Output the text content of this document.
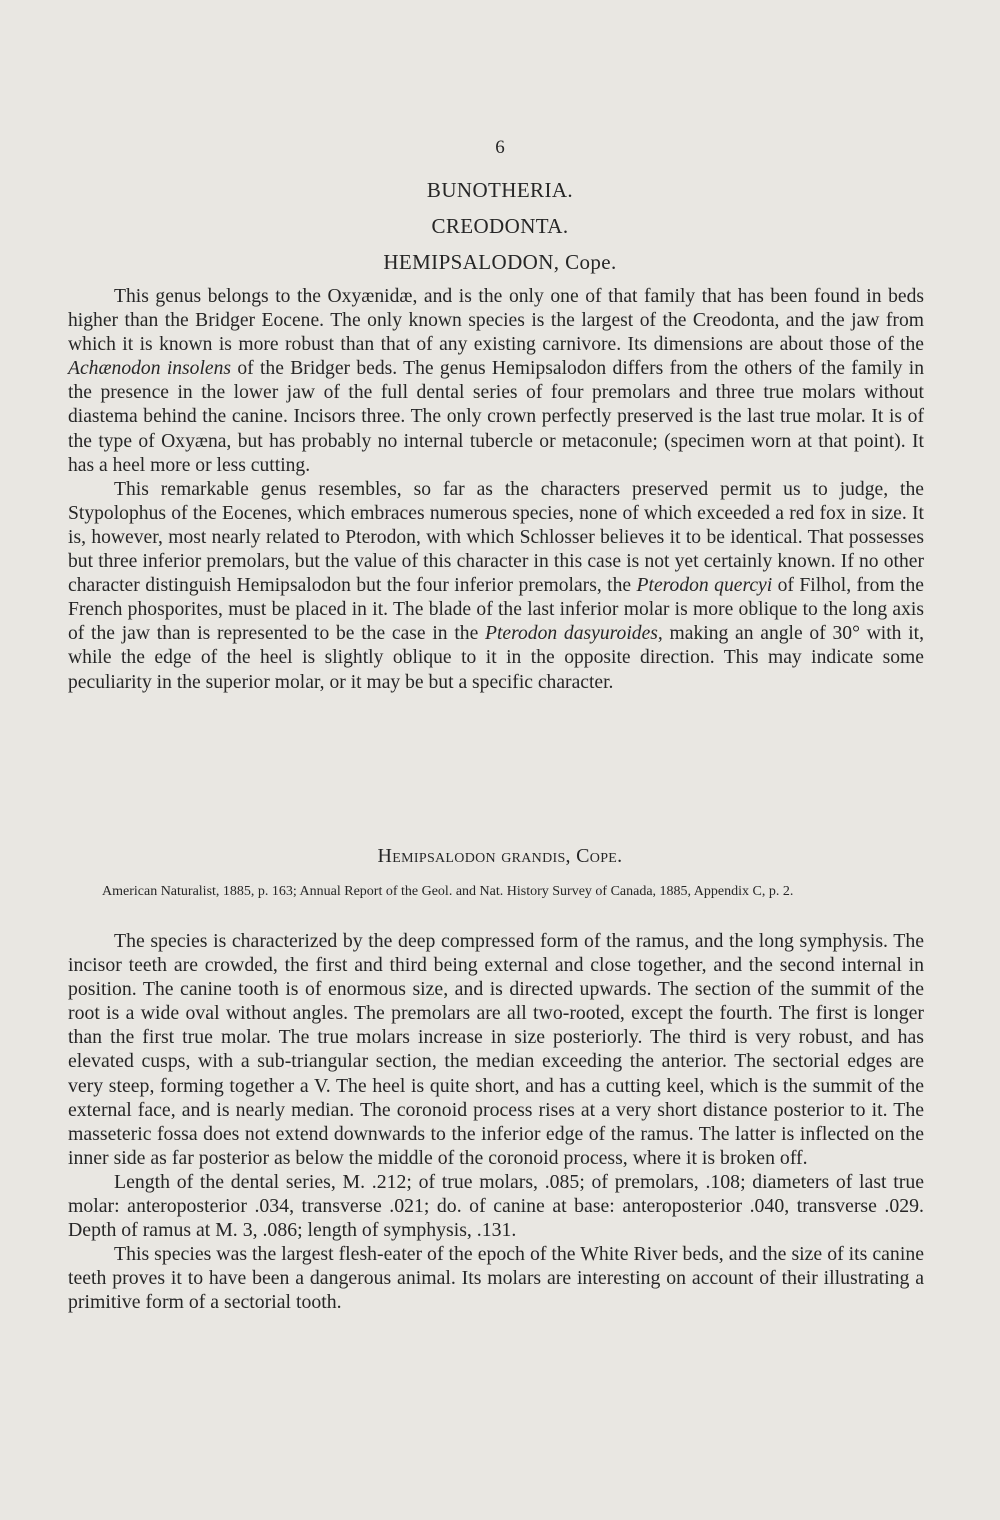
6
BUNOTHERIA.
CREODONTA.
HEMIPSALODON, Cope.

This genus belongs to the Oxyænidæ, and is the only one of that family that has been found in beds higher than the Bridger Eocene. The only known species is the largest of the Creodonta, and the jaw from which it is known is more robust than that of any existing carnivore. Its dimensions are about those of the Achænodon insolens of the Bridger beds. The genus Hemipsalodon differs from the others of the family in the presence in the lower jaw of the full dental series of four premolars and three true molars without diastema behind the canine. Incisors three. The only crown perfectly preserved is the last true molar. It is of the type of Oxyæna, but has probably no internal tubercle or metaconule; (specimen worn at that point). It has a heel more or less cutting.

This remarkable genus resembles, so far as the characters preserved permit us to judge, the Stypolophus of the Eocenes, which embraces numerous species, none of which exceeded a red fox in size. It is, however, most nearly related to Pterodon, with which Schlosser believes it to be identical. That possesses but three inferior premolars, but the value of this character in this case is not yet certainly known. If no other character distinguish Hemipsalodon but the four inferior premolars, the Pterodon quercyi of Filhol, from the French phosporites, must be placed in it. The blade of the last inferior molar is more oblique to the long axis of the jaw than is represented to be the case in the Pterodon dasyuroides, making an angle of 30° with it, while the edge of the heel is slightly oblique to it in the opposite direction. This may indicate some peculiarity in the superior molar, or it may be but a specific character.

Hemipsalodon grandis, Cope.
American Naturalist, 1885, p. 163; Annual Report of the Geol. and Nat. History Survey of Canada, 1885, Appendix C, p. 2.

The species is characterized by the deep compressed form of the ramus, and the long symphysis. The incisor teeth are crowded, the first and third being external and close together, and the second internal in position. The canine tooth is of enormous size, and is directed upwards. The section of the summit of the root is a wide oval without angles. The premolars are all two-rooted, except the fourth. The first is longer than the first true molar. The true molars increase in size posteriorly. The third is very robust, and has elevated cusps, with a sub-triangular section, the median exceeding the anterior. The sectorial edges are very steep, forming together a V. The heel is quite short, and has a cutting keel, which is the summit of the external face, and is nearly median. The coronoid process rises at a very short distance posterior to it. The masseteric fossa does not extend downwards to the inferior edge of the ramus. The latter is inflected on the inner side as far posterior as below the middle of the coronoid process, where it is broken off.

Length of the dental series, M. .212; of true molars, .085; of premolars, .108; diameters of last true molar: anteroposterior .034, transverse .021; do. of canine at base: anteroposterior .040, transverse .029. Depth of ramus at M. 3, .086; length of symphysis, .131.

This species was the largest flesh-eater of the epoch of the White River beds, and the size of its canine teeth proves it to have been a dangerous animal. Its molars are interesting on account of their illustrating a primitive form of a sectorial tooth.
